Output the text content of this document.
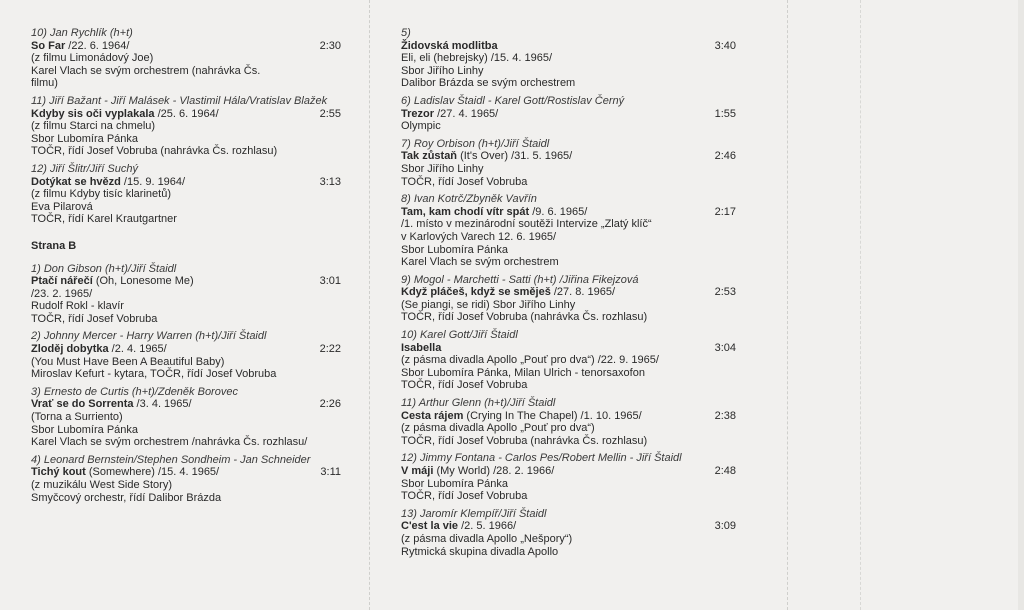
10) Jan Rychlík (h+t)
So Far /22. 6. 1964/	2:30
(z filmu Limonádový Joe)
Karel Vlach se svým orchestrem (nahrávka Čs.
filmu)
11) Jiří Bažant - Jiří Malásek - Vlastimil Hála/Vratislav Blažek
Kdyby sis oči vyplakala /25. 6. 1964/	2:55
(z filmu Starci na chmelu)
Sbor Lubomíra Pánka
TOČR, řídí Josef Vobruba (nahrávka Čs. rozhlasu)
12) Jiří Šlitr/Jiří Suchý
Dotýkat se hvězd /15. 9. 1964/	3:13
(z filmu Kdyby tisíc klarinetů)
Eva Pilarová
TOČR, řídí Karel Krautgartner
Strana B
1) Don Gibson (h+t)/Jiří Štaidl
Ptačí nářečí (Oh, Lonesome Me)	3:01
/23. 2. 1965/
Rudolf Rokl - klavír
TOČR, řídí Josef Vobruba
2) Johnny Mercer - Harry Warren (h+t)/Jiří Štaidl
Zloděj dobytka /2. 4. 1965/	2:22
(You Must Have Been A Beautiful Baby)
Miroslav Kefurt - kytara, TOČR, řídí Josef Vobruba
3) Ernesto de Curtis (h+t)/Zdeněk Borovec
Vrať se do Sorrenta /3. 4. 1965/	2:26
(Torna a Surriento)
Sbor Lubomíra Pánka
Karel Vlach se svým orchestrem /nahrávka Čs. rozhlasu/
4) Leonard Bernstein/Stephen Sondheim - Jan Schneider
Tichý kout (Somewhere) /15. 4. 1965/	3:11
(z muzikálu West Side Story)
Smyčcový orchestr, řídí Dalibor Brázda
5)
Židovská modlitba	3:40
Eli, eli (hebrejsky) /15. 4. 1965/
Sbor Jiřího Linhy
Dalibor Brázda se svým orchestrem
6) Ladislav Štaidl - Karel Gott/Rostislav Černý
Trezor /27. 4. 1965/	1:55
Olympic
7) Roy Orbison (h+t)/Jiří Štaidl
Tak zůstaň (It's Over) /31. 5. 1965/	2:46
Sbor Jiřího Linhy
TOČR, řídí Josef Vobruba
8) Ivan Kotrč/Zbyněk Vavřín
Tam, kam chodí vítr spát /9. 6. 1965/	2:17
/1. místo v mezinárodní soutěži Intervize „Zlatý klíč“
v Karlových Varech 12. 6. 1965/
Sbor Lubomíra Pánka
Karel Vlach se svým orchestrem
9) Mogol - Marchetti - Satti (h+t) /Jiřina Fikejzová
Když pláčeš, když se směješ /27. 8. 1965/	2:53
(Se piangi, se ridi) Sbor Jiřího Linhy
TOČR, řídí Josef Vobruba (nahrávka Čs. rozhlasu)
10) Karel Gott/Jiří Štaidl
Isabella	3:04
(z pásma divadla Apollo „Pouť pro dva“) /22. 9. 1965/
Sbor Lubomíra Pánka, Milan Ulrich - tenorsaxofon
TOČR, řídí Josef Vobruba
11) Arthur Glenn (h+t)/Jiří Štaidl
Cesta rájem (Crying In The Chapel) /1. 10. 1965/	2:38
(z pásma divadla Apollo „Pouť pro dva“)
TOČR, řídí Josef Vobruba (nahrávka Čs. rozhlasu)
12) Jimmy Fontana - Carlos Pes/Robert Mellin - Jiří Štaidl
V máji (My World) /28. 2. 1966/	2:48
Sbor Lubomíra Pánka
TOČR, řídí Josef Vobruba
13) Jaromír Klempíř/Jiří Štaidl
C'est la vie /2. 5. 1966/	3:09
(z pásma divadla Apollo „Nešpory“)
Rytmická skupina divadla Apollo
